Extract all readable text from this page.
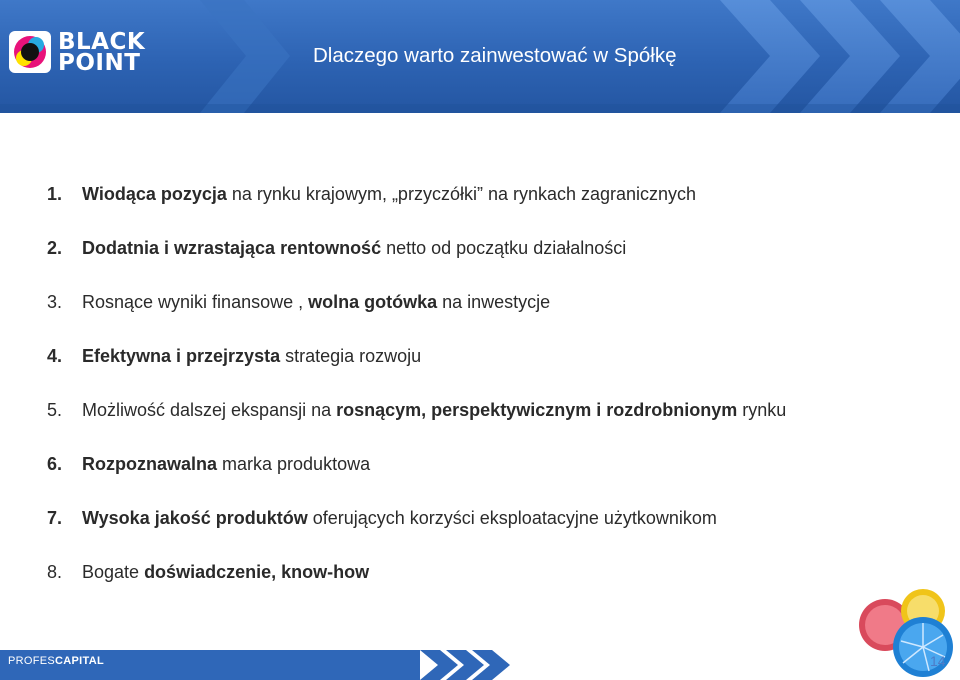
BLACK
POINT	Dlaczego warto zainwestować w Spółkę
1. Wiodąca pozycja na rynku krajowym, „przyczółki” na rynkach zagranicznych
2. Dodatnia i wzrastająca rentowność netto od początku działalności
3. Rosnące wyniki finansowe , wolna gotówka na inwestycje
4. Efektywna i przejrzysta strategia rozwoju
5. Możliwość dalszej ekspansji na rosnącym, perspektywicznym i rozdrobnionym rynku
6. Rozpoznawalna marka produktowa
7. Wysoka jakość produktów oferujących korzyści eksploatacyjne użytkownikom
8. Bogate doświadczenie, know-how
PROFESCAPITAL	14
